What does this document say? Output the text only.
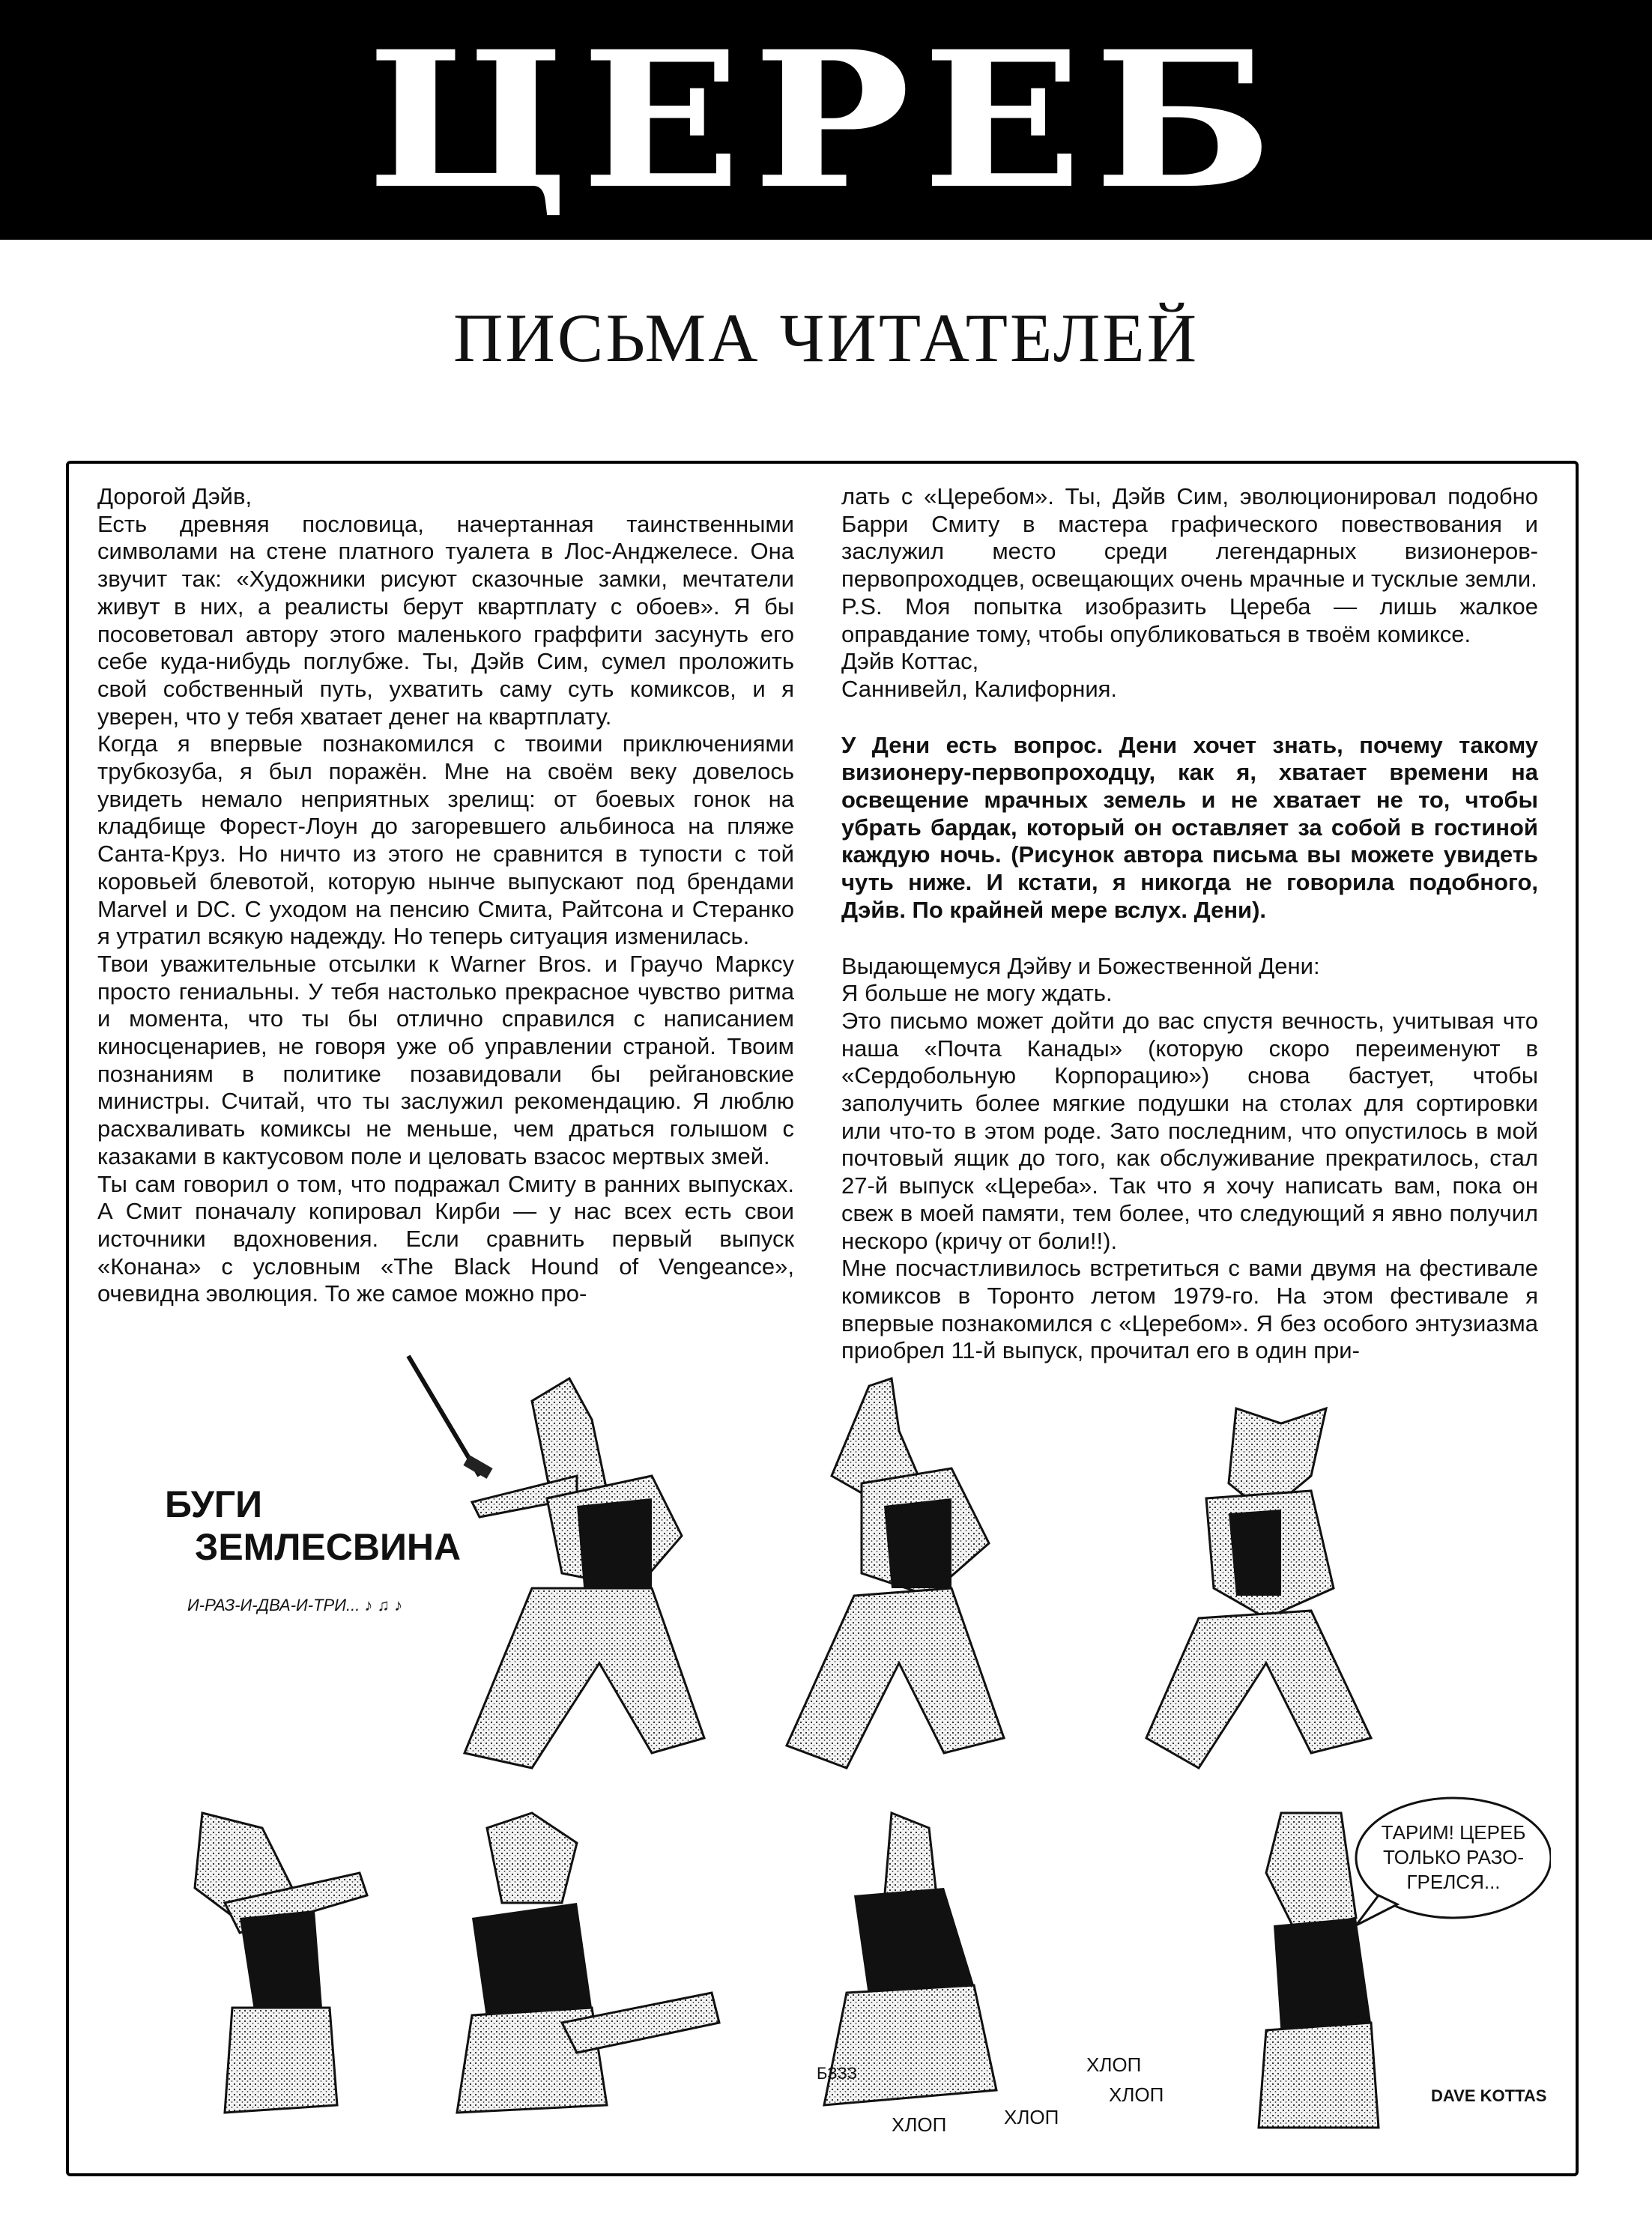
ЦЕРЕБ
ПИСЬМА ЧИТАТЕЛЕЙ

Дорогой Дэйв,

Есть древняя пословица, начертанная таинственными символами на стене платного туалета в Лос-Анджелесе. Она звучит так: «Художники рисуют сказочные замки, мечтатели живут в них, а реалисты берут квартплату с обоев». Я бы посоветовал автору этого маленького граффити засунуть его себе куда-нибудь поглубже. Ты, Дэйв Сим, сумел проложить свой собственный путь, ухватить саму суть комиксов, и я уверен, что у тебя хватает денег на квартплату.

Когда я впервые познакомился с твоими приключениями трубкозуба, я был поражён. Мне на своём веку довелось увидеть немало неприятных зрелищ: от боевых гонок на кладбище Форест-Лоун до загоревшего альбиноса на пляже Санта-Круз. Но ничто из этого не сравнится в тупости с той коровьей блевотой, которую нынче выпускают под брендами Marvel и DC. С уходом на пенсию Смита, Райтсона и Стеранко я утратил всякую надежду. Но теперь ситуация изменилась.

Твои уважительные отсылки к Warner Bros. и Граучо Марксу просто гениальны. У тебя настолько прекрасное чувство ритма и момента, что ты бы отлично справился с написанием киносценариев, не говоря уже об управлении страной. Твоим познаниям в политике позавидовали бы рейгановские министры. Считай, что ты заслужил рекомендацию. Я люблю расхваливать комиксы не меньше, чем драться голышом с казаками в кактусовом поле и целовать взасос мертвых змей.

Ты сам говорил о том, что подражал Смиту в ранних выпусках. А Смит поначалу копировал Кирби — у нас всех есть свои источники вдохновения. Если сравнить первый выпуск «Конана» с условным «The Black Hound of Vengeance», очевидна эволюция. То же самое можно про-

лать с «Церебом». Ты, Дэйв Сим, эволюционировал подобно Барри Смиту в мастера графического повествования и заслужил место среди легендарных визионеров-первопроходцев, освещающих очень мрачные и тусклые земли.

P.S. Моя попытка изобразить Цереба — лишь жалкое оправдание тому, чтобы опубликоваться в твоём комиксе.

Дэйв Коттас,

Саннивейл, Калифорния.

У Дени есть вопрос. Дени хочет знать, почему такому визионеру-первопроходцу, как я, хватает времени на освещение мрачных земель и не хватает не то, чтобы убрать бардак, который он оставляет за собой в гостиной каждую ночь. (Рисунок автора письма вы можете увидеть чуть ниже. И кстати, я никогда не говорила подобного, Дэйв. По крайней мере вслух. Дени).

Выдающемуся Дэйву и Божественной Дени:

Я больше не могу ждать.

Это письмо может дойти до вас спустя вечность, учитывая что наша «Почта Канады» (которую скоро переименуют в «Сердобольную Корпорацию») снова бастует, чтобы заполучить более мягкие подушки на столах для сортировки или что-то в этом роде. Зато последним, что опустилось в мой почтовый ящик до того, как обслуживание прекратилось, стал 27-й выпуск «Цереба». Так что я хочу написать вам, пока он свеж в моей памяти, тем более, что следующий я явно получил нескоро (кричу от боли!!).

Мне посчастливилось встретиться с вами двумя на фестивале комиксов в Торонто летом 1979-го. На этом фестивале я впервые познакомился с «Церебом». Я без особого энтузиазма приобрел 11-й выпуск, прочитал его в один при-

БУГИ
ЗЕМЛЕСВИНА
И-РАЗ-И-ДВА-И-ТРИ... ♪ ♫ ♪
ТАРИМ! ЦЕРЕБ
ТОЛЬКО РАЗО-
ГРЕЛСЯ...
БЗЗЗ
ХЛОП	ХЛОП
ХЛОП
ХЛОП
DAVE KOTTAS
